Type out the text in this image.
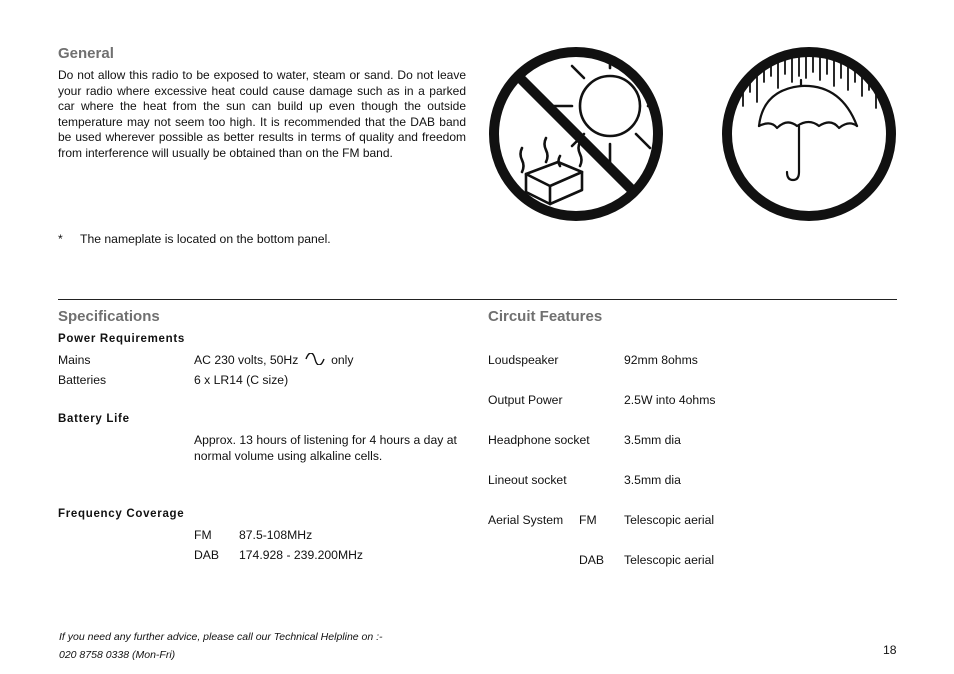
General
Do not allow this radio to be exposed to water, steam or sand. Do not leave your radio where excessive heat could cause damage such as in a parked car where the heat from the sun can build up even though the outside temperature may not seem too high. It is recommended that the DAB band be used wherever possible as better results in terms of quality and freedom from interference will usually be obtained than on the FM band.
* The nameplate is located on the bottom panel.
Specifications
Power Requirements
Mains	AC 230 volts, 50Hz	only
Batteries	6 x LR14 (C size)
Battery Life
Approx. 13 hours of listening for 4 hours a day at normal volume using alkaline cells.
Frequency Coverage
FM 87.5-108MHz
DAB 174.928 - 239.200MHz
Circuit Features
Loudspeaker	92mm 8ohms
Output Power	2.5W into 4ohms
Headphone socket	3.5mm dia
Lineout socket	3.5mm dia
Aerial System FM Telescopic aerial
DAB Telescopic aerial
If you need any further advice, please call our Technical Helpline on :-
020 8758 0338 (Mon-Fri)	18
